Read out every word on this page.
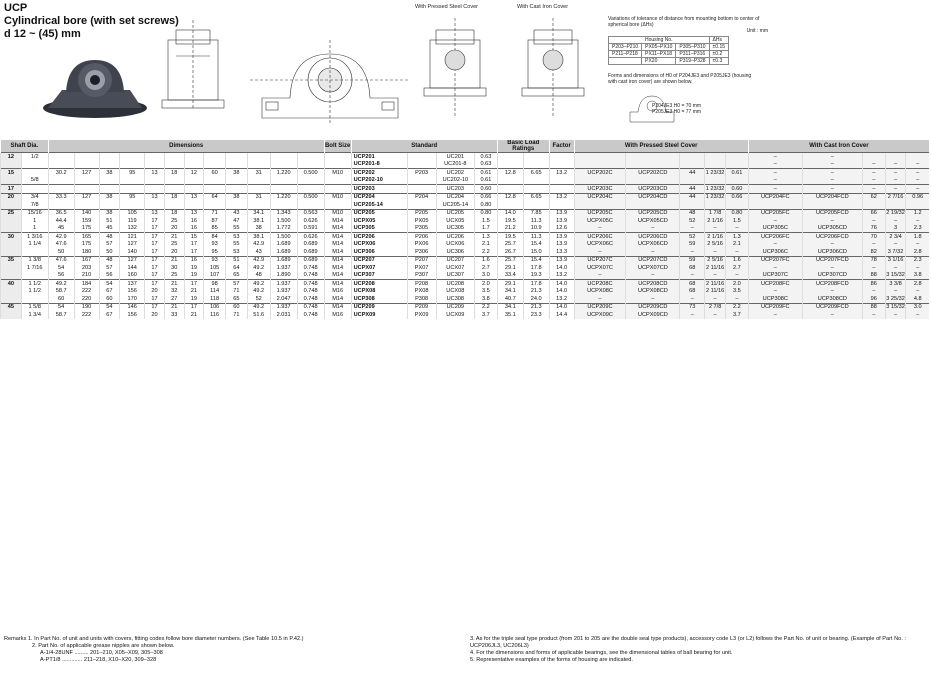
UCP
Cylindrical bore (with set screws)
d 12 ~ (45) mm
With Pressed Steel Cover	With Cast Iron Cover
Variations of tolerance of distance from mounting bottom to center of spherical bore (ΔHs)
Unit : mm
Housing No.			ΔHs
P203–P210	PX05–PX10	P305–P310	±0.15
P211–P218	PX11–PX18	P311–P316	±0.2
	PX20	P319–P328	±0.3
Forms and dimensions of H0 of P204JE3 and P205JE3 (housing with cast iron cover) are shown below.
P204JE3 H0 = 70 mm
P205JE3 H0 = 77 mm
Shaft Dia.		Dimensions												Bolt Size	Standard				Basic Load Ratings		Factor	With Pressed Steel Cover					With Cast Iron Cover				
12	1/2														UCP201		UC201	0.63									–	–			
															UCP201-8		UC201-8	0.63									–	–	–	–	–
15		30.2	127	38	95	13	18	12	60	38	31	1.220	0.500	M10	UCP202	P203	UC202	0.61	12.8	6.65	13.2	UCP202C	UCP202CD	44	1 23/32	0.61	–	–	–	–	–
	5/8														UCP202-10		UC202-10	0.61									–	–	–	–	–
17															UCP203		UC203	0.60				UCP203C	UCP203CD	44	1 23/32	0.60	–	–	–	–	–
20	3/4	33.3	127	38	95	13	18	13	64	38	31	1.220	0.500	M10	UCP204	P204	UC204	0.66	12.8	6.65	13.2	UCP204C	UCP204CD	44	1 23/32	0.66	UCP204FC	UCP204FCD	62	2 7/16	0.96
	7/8														UCP205-14		UC205-14	0.80													
25	15/16	36.5	140	38	105	13	18	13	71	43	34.1	1.343	0.563	M10	UCP205	P205	UC205	0.80	14.0	7.85	13.9	UCP205C	UCP205CD	48	1 7/8	0.80	UCP205FC	UCP205FCD	66	2 19/32	1.2
	1	44.4	159	51	119	17	25	16	87	47	38.1	1.500	0.626	M14	UCPX05	PX05	UCX05	1.5	19.5	11.3	13.9	UCPX05C	UCPX05CD	52	2 1/16	1.5	–	–	–	–	–
	1	45	175	45	132	17	20	16	85	55	38	1.772	0.591	M14	UCP305	P305	UC305	1.7	21.2	10.9	12.6	–	–	–	–	–	UCP305C	UCP305CD	76	3	2.3
30	1 3/16	42.9	165	48	121	17	21	15	84	53	38.1	1.500	0.626	M14	UCP206	P206	UC206	1.3	19.5	11.3	13.9	UCP206C	UCP206CD	52	2 1/16	1.3	UCP206FC	UCP206FCD	70	2 3/4	1.8
	1 1/4	47.6	175	57	127	17	25	17	93	55	42.9	1.689	0.689	M14	UCPX06	PX06	UCX06	2.1	25.7	15.4	13.9	UCPX06C	UCPX06CD	59	2 5/16	2.1	–	–	–	–	–
		50	180	50	140	17	20	17	95	53	43	1.689	0.689	M14	UCP306	P306	UC306	2.2	26.7	15.0	13.3	–	–	–	–	–	UCP306C	UCP306CD	82	3 7/32	2.8
35	1 3/8	47.6	167	48	127	17	21	16	93	51	42.9	1.689	0.689	M14	UCP207	P207	UC207	1.6	25.7	15.4	13.9	UCP207C	UCP207CD	59	2 5/16	1.6	UCP207FC	UCP207FCD	78	3 1/16	2.3
	1 7/16	54	203	57	144	17	30	19	105	64	49.2	1.937	0.748	M14	UCPX07	PX07	UCX07	2.7	29.1	17.8	14.0	UCPX07C	UCPX07CD	68	2 11/16	2.7	–	–	–	–	–
		56	210	56	160	17	25	19	107	65	48	1.890	0.748	M14	UCP307	P307	UC307	3.0	33.4	19.3	13.2	–	–	–	–	–	UCP307C	UCP307CD	88	3 15/32	3.8
40	1 1/2	49.2	184	54	137	17	21	17	98	57	49.2	1.937	0.748	M14	UCP208	P208	UC208	2.0	29.1	17.8	14.0	UCP208C	UCP208CD	68	2 11/16	2.0	UCP208FC	UCP208FCD	86	3 3/8	2.8
	1 1/2	58.7	222	67	156	20	32	21	114	71	49.2	1.937	0.748	M16	UCPX08	PX08	UCX08	3.5	34.1	21.3	14.0	UCPX08C	UCPX08CD	68	2 11/16	3.5	–	–	–	–	–
		60	220	60	170	17	27	19	118	65	52	2.047	0.748	M14	UCP308	P308	UC308	3.8	40.7	24.0	13.2	–	–	–	–	–	UCP308C	UCP308CD	96	3 25/32	4.8
45	1 5/8	54	190	54	146	17	21	17	106	60	49.2	1.937	0.748	M14	UCP209	P209	UC209	2.2	34.1	21.3	14.0	UCP209C	UCP209CD	73	2 7/8	2.2	UCP209FC	UCP209FCD	88	3 15/32	3.0
	1 3/4	58.7	222	67	156	20	33	21	116	71	51.6	2.031	0.748	M16	UCPX09	PX09	UCX09	3.7	35.1	23.3	14.4	UCPX09C	UCPX09CD	–	–	3.7	–	–	–	–	–
Remarks 1. In Part No. of unit and units with covers, fitting codes follow bore diameter numbers. (See Table 10.5 in P.42.)
2. Part No. of applicable grease nipples are shown below.
A-1/4-28UNF ......... 201–210, X05–X09, 305–308
A-PT1/8 ............. 211–218, X10–X20, 309–328
3. As for the triple seal type product (from 201 to 205 are the double seal type products), accessory code L3 (or L2) follows the Part No. of unit or bearing. (Example of Part No. : UCP206JL3, UC206L3)
4. For the dimensions and forms of applicable bearings, see the dimensional tables of ball bearing for unit.
5. Representative examples of the forms of housing are indicated.
